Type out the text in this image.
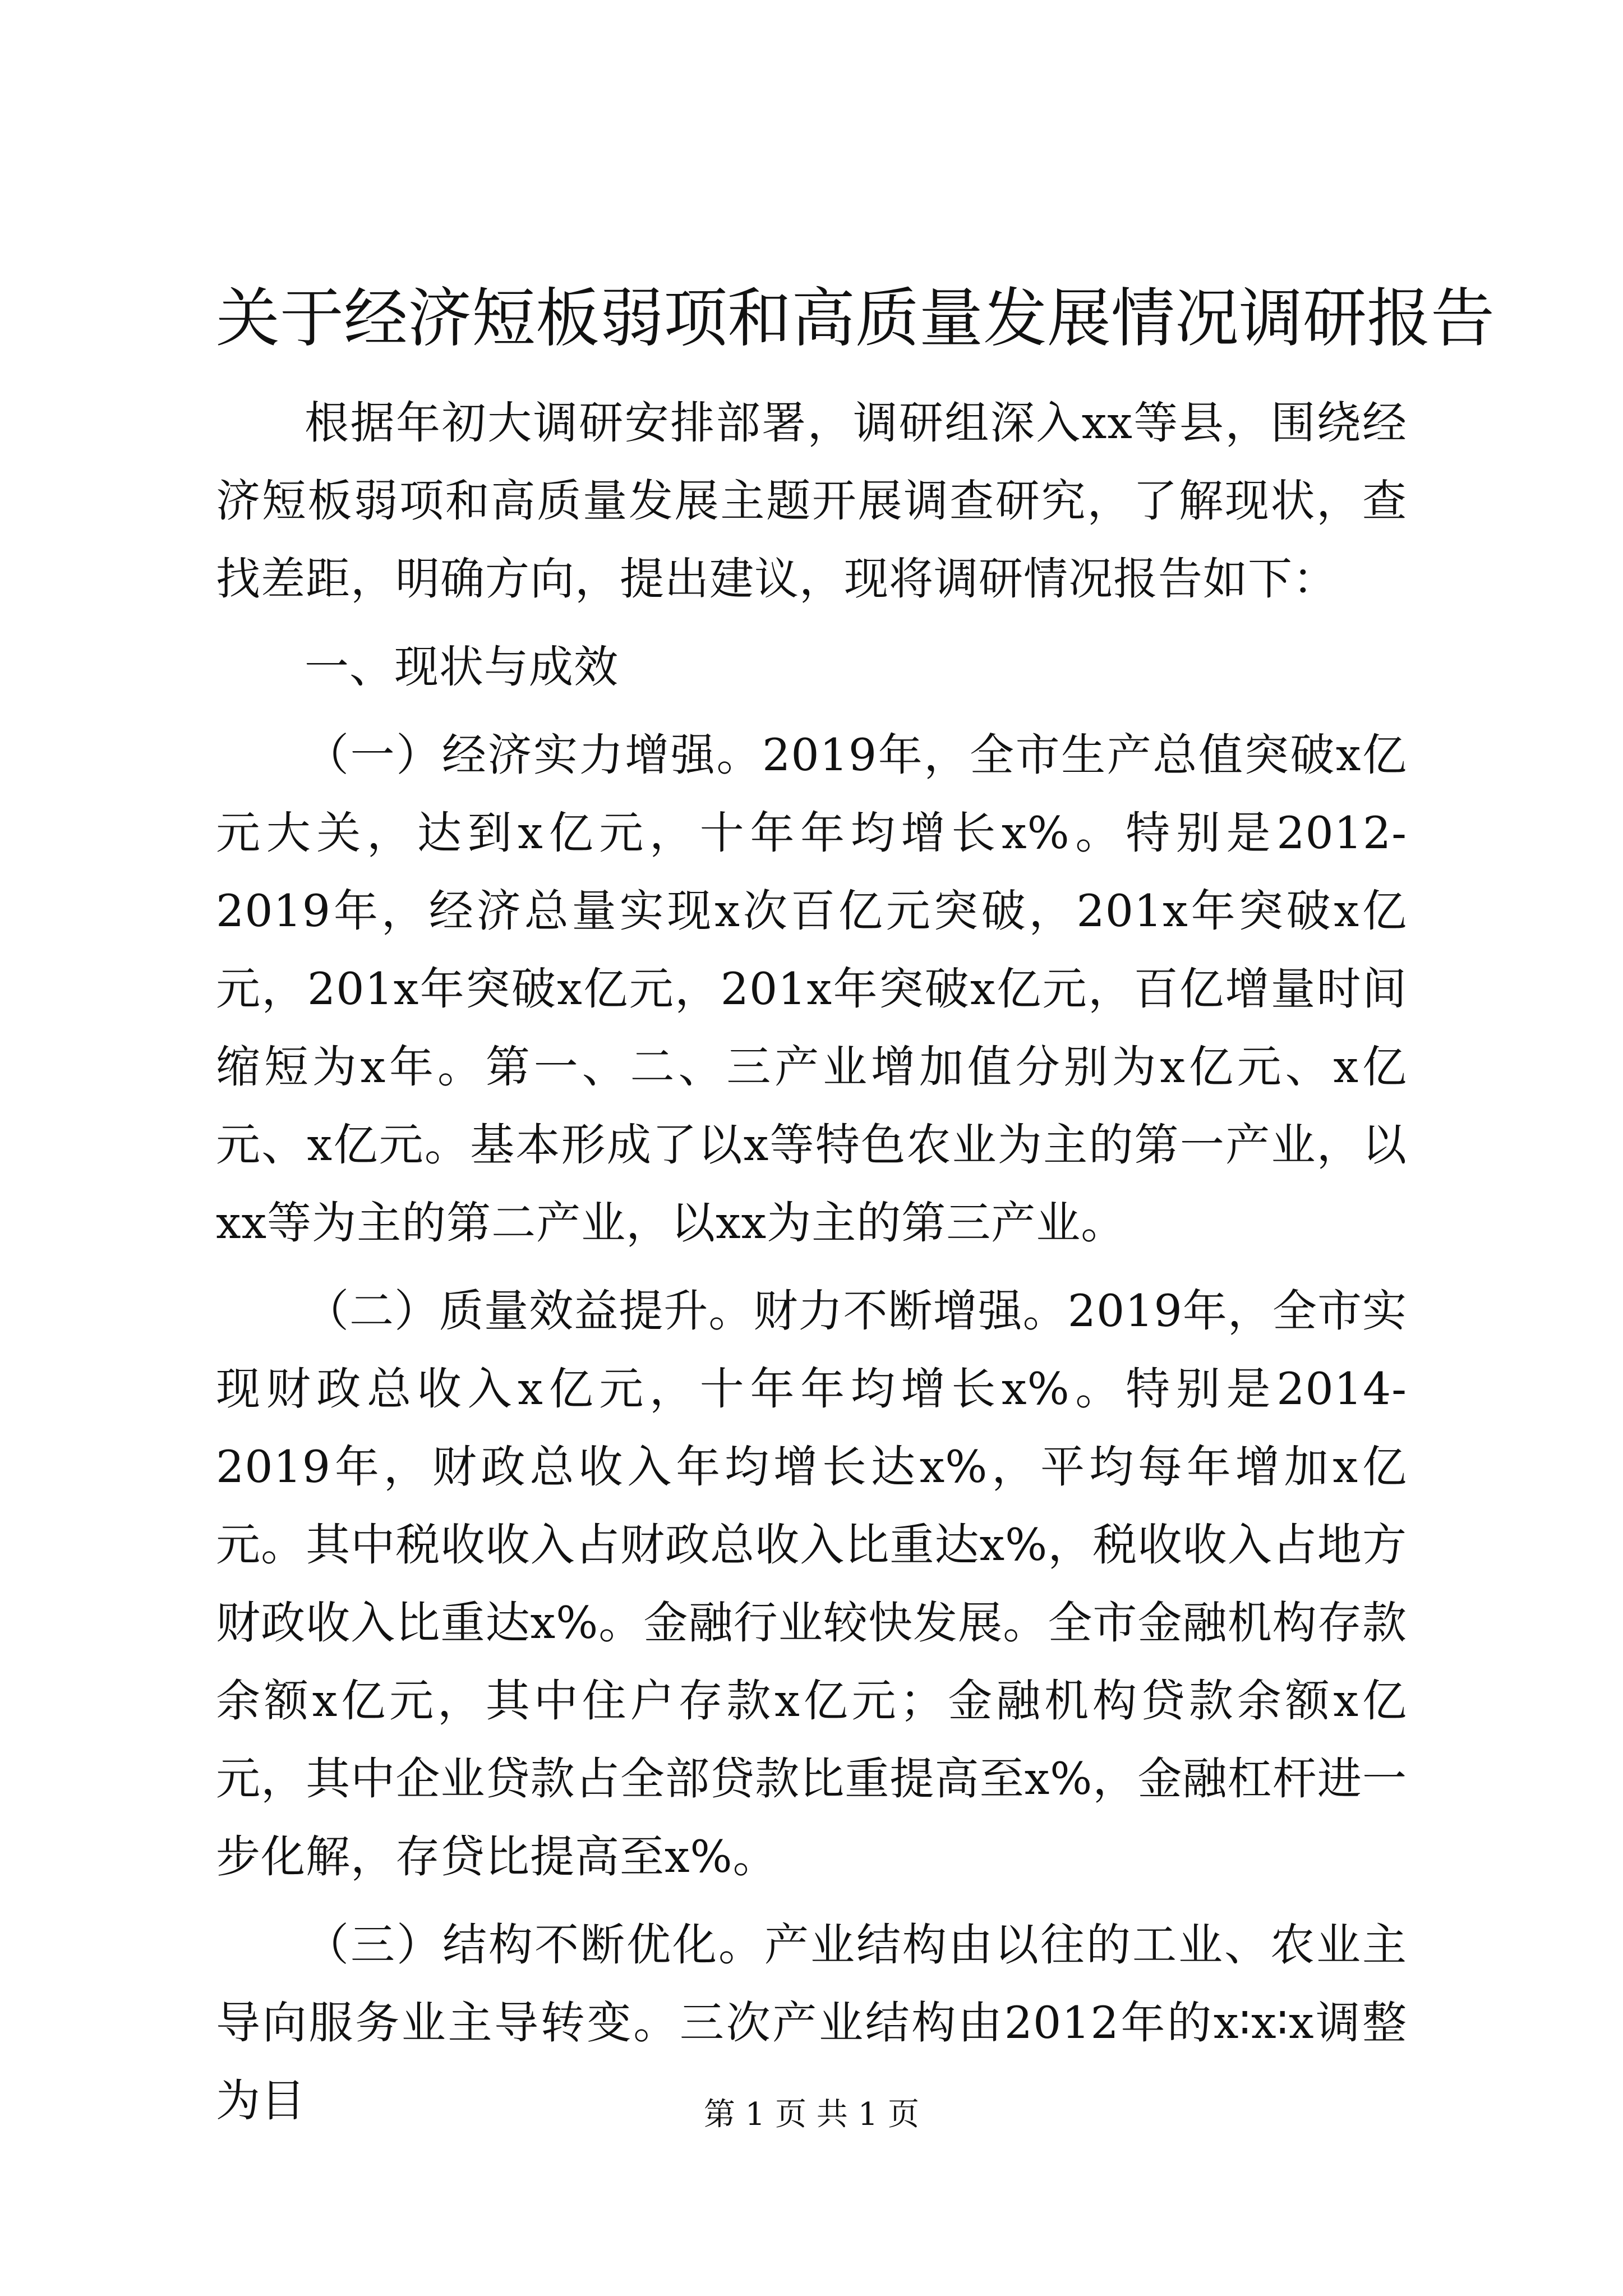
关于经济短板弱项和高质量发展情况调研报告

根据年初大调研安排部署，调研组深入xx等县，围绕经济短板弱项和高质量发展主题开展调查研究，了解现状，查找差距，明确方向，提出建议，现将调研情况报告如下：

一、现状与成效

（一）经济实力增强。2019年，全市生产总值突破x亿元大关，达到x亿元，十年年均增长x%。特别是2012-2019年，经济总量实现x次百亿元突破，201x年突破x亿元，201x年突破x亿元，201x年突破x亿元，百亿增量时间缩短为x年。第一、二、三产业增加值分别为x亿元、x亿元、x亿元。基本形成了以x等特色农业为主的第一产业，以xx等为主的第二产业，以xx为主的第三产业。

（二）质量效益提升。财力不断增强。2019年，全市实现财政总收入x亿元，十年年均增长x%。特别是2014-2019年，财政总收入年均增长达x%，平均每年增加x亿元。其中税收收入占财政总收入比重达x%，税收收入占地方财政收入比重达x%。金融行业较快发展。全市金融机构存款余额x亿元，其中住户存款x亿元；金融机构贷款余额x亿元，其中企业贷款占全部贷款比重提高至x%，金融杠杆进一步化解，存贷比提高至x%。

（三）结构不断优化。产业结构由以往的工业、农业主导向服务业主导转变。三次产业结构由2012年的x∶x∶x调整为目	第 1 页 共 1 页
